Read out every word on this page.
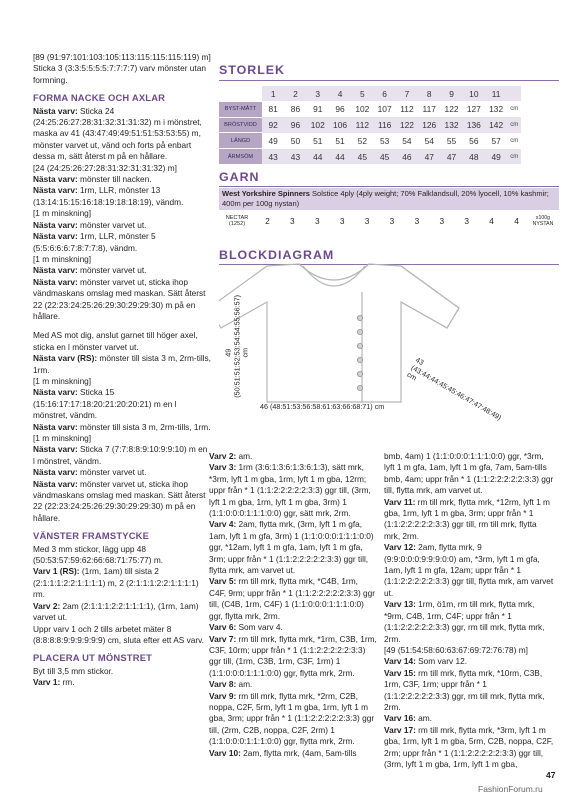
[89 (91:97:101:103:105:113:115:115:115:119) m]

Sticka 3 (3:3:5:5:5:5:7:7:7:7) varv mönster utan formning.

FORMA NACKE OCH AXLAR

Nästa varv: Sticka 24 (24:25:26:27:28:31:32:31:31:32) m i mönstret, maska av 41 (43:47:49:49:51:51:53:53:55) m, mönster varvet ut, vänd och forts på enbart dessa m, sätt återst m på en hållare.

[24 (24:25:26:27:28:31:32:31:31:32) m]

Nästa varv: mönster till nacken.

Nästa varv: 1rm, LLR, mönster 13 (13:14:15:15:16:18:19:18:18:19), vändm.

[1 m minskning]

Nästa varv: mönster varvet ut.

Nästa varv: 1rm, LLR, mönster 5 (5:5:6:6:6:7:8:7:7:8), vändm.

[1 m minskning]

Nästa varv: mönster varvet ut.

Nästa varv: mönster varvet ut, sticka ihop vändmaskans omslag med maskan. Sätt återst 22 (22:23:24:25:26:29:30:29:29:30) m på en hållare.

Med AS mot dig, anslut garnet till höger axel, sticka en l mönster varvet ut.

Nästa varv (RS): mönster till sista 3 m, 2rm-tills, 1rm.

[1 m minskning]

Nästa varv: Sticka 15 (15:16:17:17:18:20:21:20:20:21) m en l mönstret, vändm.

Nästa varv: mönster till sista 3 m, 2rm-tills, 1rm.

[1 m minskning]

Nästa varv: Sticka 7 (7:7:8:8:9:10:9:9:10) m en l mönstret, vändm.

Nästa varv: mönster varvet ut.

Nästa varv: mönster varvet ut, sticka ihop vändmaskans omslag med maskan. Sätt återst 22 (22:23:24:25:26:29:30:29:29:30) m på en hållare.

VÄNSTER FRAMSTYCKE

Med 3 mm stickor, lägg upp 48 (50:53:57:59:62:66:68:71:75:77) m.

Varv 1 (RS): (1rm, 1am) till sista 2 (2:1:1:1:2:2:1:1:1:1) m, 2 (2:1:1:1:2:2:1:1:1:1) rm.

Varv 2: 2am (2:1:1:1:2:2:1:1:1:1), (1rm, 1am) varvet ut.

Uppr varv 1 och 2 tills arbetet mäter 8 (8:8:8:8:9:9:9:9:9:9) cm, sluta efter ett AS varv.

PLACERA UT MÖNSTRET

Byt till 3,5 mm stickor.

Varv 1: rm.

STORLEK
	1	2	3	4	5	6	7	8	9	10	11	
BYST-MÅTT	81	86	91	96	102	107	112	117	122	127	132	cm
BRÖSTVIDD	92	96	102	106	112	116	122	126	132	136	142	cm
LÄNGD	49	50	51	51	52	53	54	54	55	56	57	cm
ÄRMSÖM	43	43	44	44	45	45	46	47	47	48	49	cm
GARN
West Yorkshire Spinners Solstice 4ply (4ply weight; 70% Falklandsull, 20% lyocell, 10% kashmir; 400m per 100g nystan)
NECTAR (1252)	2 3 3 3 3 3 3 3 3 4 4	x100g NYSTAN
BLOCKDIAGRAM
49 (50:51:51:52:53:54:54:55:56:57) cm
43 (43:44:44:45:45:46:47:47:48:49) cm
46 (48:51:53:56:58:61:63:66:68:71) cm

Varv 2: am.

Varv 3: 1rm (3:6:1:3:6:1:3:6:1:3), sätt mrk, *3rm, lyft 1 m gba, 1rm, lyft 1 m gba, 12rm; uppr från * 1 (1:1:2:2:2:2:2:3:3) ggr till, (3rm, lyft 1 m gba, 1rm, lyft 1 m gba, 3rm) 1 (1:1:0:0:0:1:1:1:0:0) ggr, sätt mrk, 2rm.

Varv 4: 2am, flytta mrk, (3rm, lyft 1 m gfa, 1am, lyft 1 m gfa, 3rm) 1 (1:1:0:0:0:1:1:1:0:0) ggr, *12am, lyft 1 m gfa, 1am, lyft 1 m gfa, 3rm; uppr från * 1 (1:1:2:2:2:2:2:3:3) ggr till, flytta mrk, am varvet ut.

Varv 5: rm till mrk, flytta mrk, *C4B, 1rm, C4F, 9rm; uppr från * 1 (1:1:2:2:2:2:2:3:3) ggr till, (C4B, 1rm, C4F) 1 (1:1:0:0:0:1:1:1:0:0) ggr, flytta mrk, 2rm.

Varv 6: Som varv 4.

Varv 7: rm till mrk, flytta mrk, *1rm, C3B, 1rm, C3F, 10rm; uppr från * 1 (1:1:2:2:2:2:2:3:3) ggr till, (1rm, C3B, 1rm, C3F, 1rm) 1 (1:1:0:0:0:1:1:1:0:0) ggr, flytta mrk, 2rm.

Varv 8: am.

Varv 9: rm till mrk, flytta mrk, *2rm, C2B, noppa, C2F, 5rm, lyft 1 m gba, 1rm, lyft 1 m gba, 3rm; uppr från * 1 (1:1:2:2:2:2:2:3:3) ggr till, (2rm, C2B, noppa, C2F, 2rm) 1 (1:1:0:0:0:1:1:1:0:0) ggr, flytta mrk, 2rm.

Varv 10: 2am, flytta mrk, (4am, 5am-tills

bmb, 4am) 1 (1:1:0:0:0:1:1:1:0:0) ggr, *3rm, lyft 1 m gfa, 1am, lyft 1 m gfa, 7am, 5am-tills bmb, 4am; uppr från * 1 (1:1:2:2:2:2:2:3:3) ggr till, flytta mrk, am varvet ut.

Varv 11: rm till mrk, flytta mrk, *12rm, lyft 1 m gba, 1rm, lyft 1 m gba, 3rm; uppr från * 1 (1:1:2:2:2:2:2:3:3) ggr till, rm till mrk, flytta mrk, 2rm.

Varv 12: 2am, flytta mrk, 9 (9:9:0:0:0:9:9:9:0:0) am, *3rm, lyft 1 m gfa, 1am, lyft 1 m gfa, 12am; uppr från * 1 (1:1:2:2:2:2:2:3:3) ggr till, flytta mrk, am varvet ut.

Varv 13: 1rm, ö1m, rm till mrk, flytta mrk, *9rm, C4B, 1rm, C4F; uppr från * 1 (1:1:2:2:2:2:2:3:3) ggr, rm till mrk, flytta mrk, 2rm.

[49 (51:54:58:60:63:67:69:72:76:78) m]

Varv 14: Som varv 12.

Varv 15: rm till mrk, flytta mrk, *10rm, C3B, 1rm, C3F, 1rm; uppr från * 1 (1:1:2:2:2:2:2:3:3) ggr, rm till mrk, flytta mrk, 2rm.

Varv 16: am.

Varv 17: rm till mrk, flytta mrk, *3rm, lyft 1 m gba, 1rm, lyft 1 m gba, 5rm, C2B, noppa, C2F, 2rm; uppr från * 1 (1:1:2:2:2:2:2:3:3) ggr till, (3rm, lyft 1 m gba, 1rm, lyft 1 m gba,

47
FashionForum.ru
